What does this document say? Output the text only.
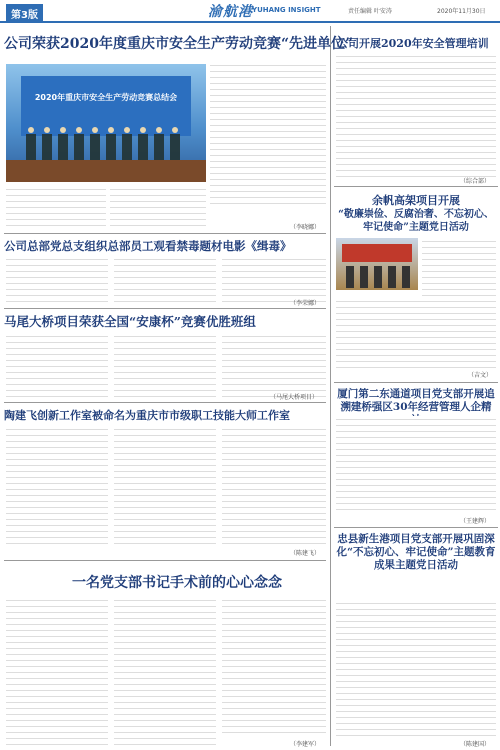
第3版	渝航港 YUHANG INSIGHT	责任编辑 叶安涛	2020年11月30日
公司荣获2020年度重庆市安全生产劳动竞赛“先进单位”
2020年重庆市安全生产劳动竞赛总结会
（李晓娜）
公司总部党总支组织总部员工观看禁毒题材电影《缉毒》
（李荣娜）
马尾大桥项目荣获全国“安康杯”竞赛优胜班组
（马尾大桥项目）
陶建飞创新工作室被命名为重庆市市级职工技能大师工作室
（陈建飞）
一名党支部书记手术前的心心念念
（李建军）
公司开展2020年安全管理培训
（综合部）
余帆高架项目开展
“敬廉崇俭、反腐治奢、不忘初心、牢记使命”主题党日活动
（吉文）
厦门第二东通道项目党支部开展追溯建桥强区30年经营管理人企精
（王建辉）
忠县新生港项目党支部开展巩固深化“不忘初心、牢记使命”主题教育成果主题党日活动
（陈建国）
